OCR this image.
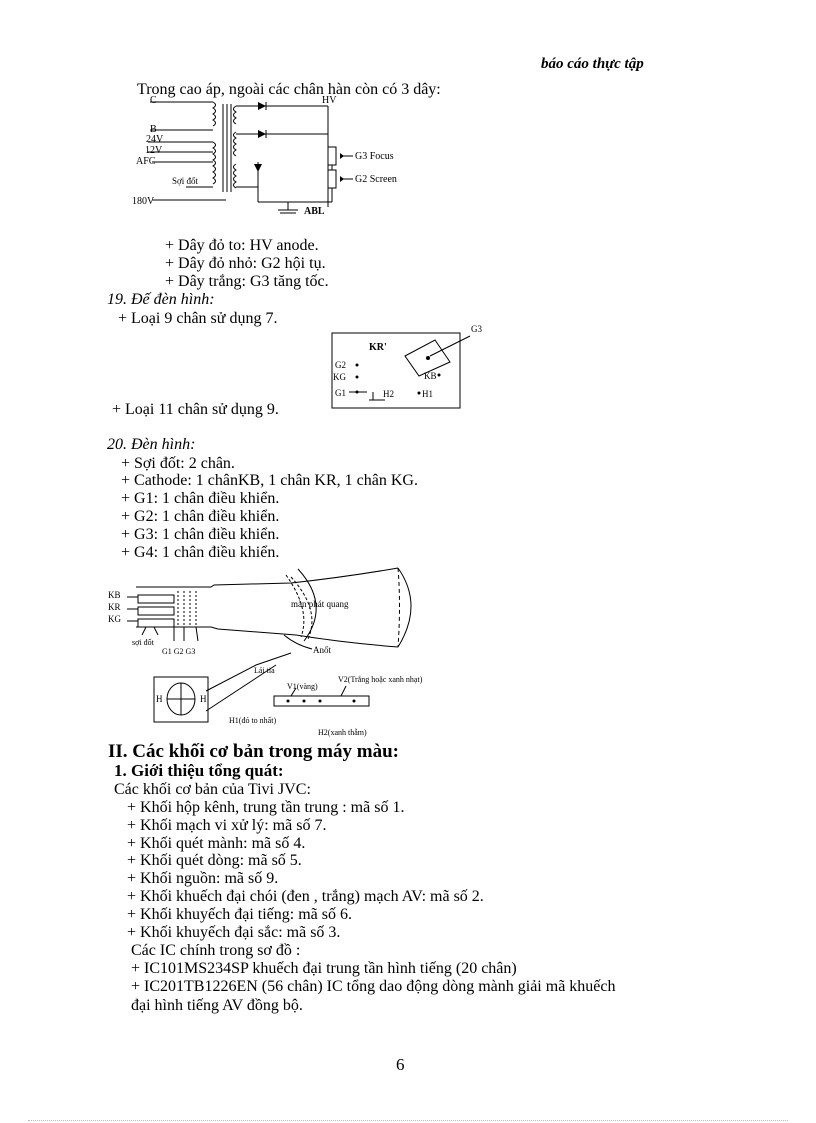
báo cáo thực tập
Trong cao áp, ngoài các chân hàn còn có 3 dây:
C	HV
B
24V
12V
AFC
Sợi đốt
180V
G3 Focus
G2 Screen
ABL
+ Dây đỏ to: HV anode.
+ Dây đỏ nhỏ: G2 hội tụ.
+ Dây trắng: G3 tăng tốc.
19. Đế đèn hình:
+ Loại 9 chân sử dụng 7.
G3
KR'
G2
KG	KB
G1	H2	H1
+ Loại 11 chân sử dụng 9.
20. Đèn hình:
+ Sợi đốt: 2 chân.
+ Cathode: 1 chânKB, 1 chân KR, 1 chân KG.
+ G1: 1 chân điều khiển.
+ G2: 1 chân điều khiển.
+ G3: 1 chân điều khiển.
+ G4: 1 chân điều khiển.
KB
KR
KG
sợi đốt
G1 G2 G3
màn phát quang
Anốt
Lái tia
V1(vàng)
V2(Trắng hoặc xanh nhạt)
H1(đỏ to nhất)
H2(xanh thẫm)
H	H
II. Các khối cơ bản trong máy màu:
1. Giới thiệu tổng quát:
Các khối cơ bản của Tivi JVC:
+ Khối hộp kênh, trung tần trung : mã số 1.
+ Khối mạch vi xử lý: mã số 7.
+ Khối quét mành: mã số 4.
+ Khối quét dòng: mã số 5.
+ Khối nguồn: mã số 9.
+ Khối khuếch đại chói (đen , trắng) mạch AV: mã số 2.
+ Khối khuyếch đại tiếng: mã số 6.
+ Khối khuyếch đại sắc: mã số 3.
Các IC chính trong sơ đồ :
+ IC101MS234SP khuếch đại trung tần hình tiếng (20 chân)
+ IC201TB1226EN (56 chân) IC tổng dao động dòng mành giải mã khuếch
đại hình tiếng AV đồng bộ.
6
